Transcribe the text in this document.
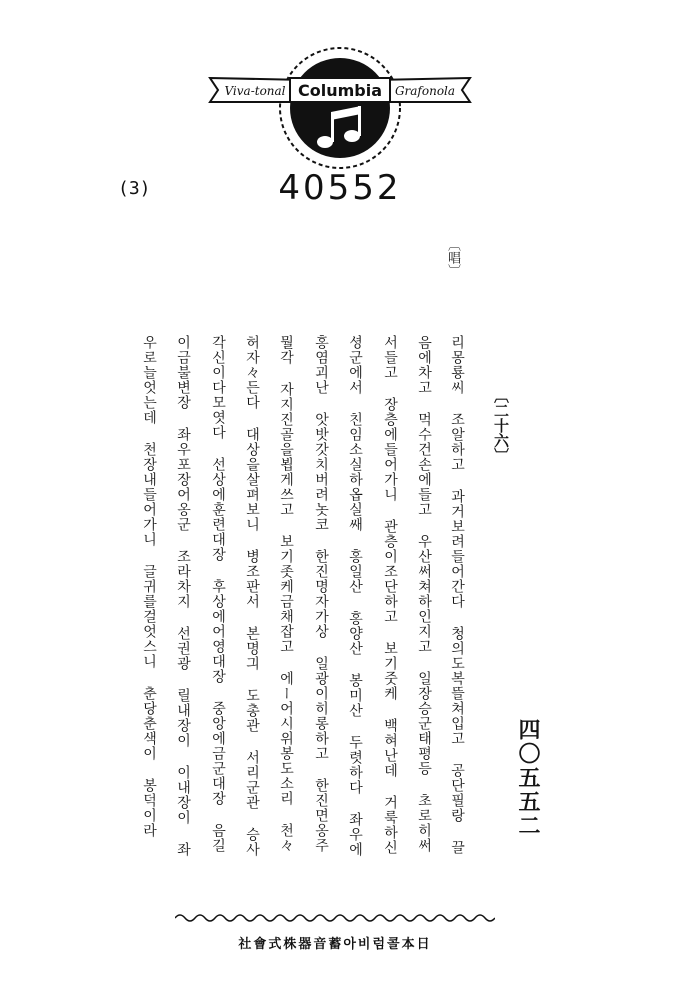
Viva-tonal	Grafonola
Columbia
(3)	40552
〔唱〕
〔二十六〕
四〇五五二
리몽룡씨 조알하고 과거보려들어간다 청의도복뜰쳐입고 공단필랑 끌
음에차고 먹수건손에들고 우산써쳐하인지고 일장승군태평등 초로히써
서들고 장층에들어가니 관층이조단하고 보기줏케 백혀난데 거룩하신
셩군에서 친임소실하옵실쌔 홍일산 홍양산 봉미산 두렷하다 좌우에
홍염괴난 앗밧갓치버려놋코 한진명자가상 일광이히롱하고 한진면옹주
뭘각 자지진골을뵙게쓰고 보기좃케금채잡고 에ー어시위봉도소리 천々
허자々든다 대상을살펴보니 병조판서 본명긔 도총관 서리군관 승사
각신이다모엿다 선상에훈련대장 후상에어영대장 중앙에금군대장 음길
이금불변장 좌우포장어옹군 조라차지 선권광 릴내장이 이내장이 좌
우로늘엇는데 천장내들어가니 글귀를걸엇스니 춘당춘색이 봉덕이라
社會式株器音蓄아비럼콜本日
